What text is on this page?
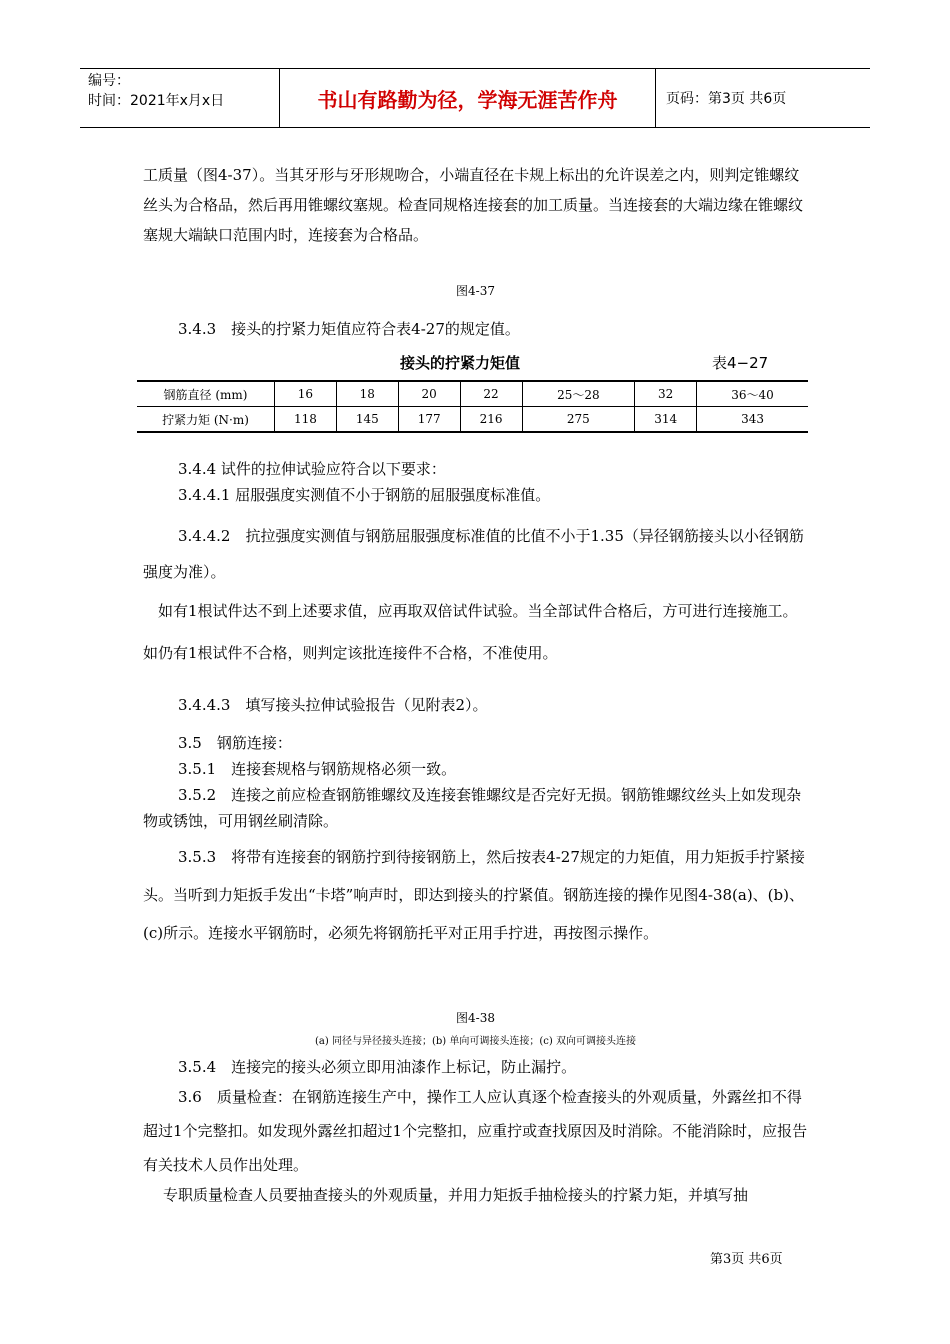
编号：
时间：2021年x月x日	书山有路勤为径，学海无涯苦作舟	页码：第3页 共6页

工质量（图4-37）。当其牙形与牙形规吻合，小端直径在卡规上标出的允许误差之内，则判定锥螺纹丝头为合格品，然后再用锥螺纹塞规。检查同规格连接套的加工质量。当连接套的大端边缘在锥螺纹塞规大端缺口范围内时，连接套为合格品。

图4-37

3.4.3　接头的拧紧力矩值应符合表4-27的规定值。

接头的拧紧力矩值	表4−27
钢筋直径 (mm)	16	18	20	22	25～28	32	36～40
拧紧力矩 (N·m)	118	145	177	216	275	314	343

3.4.4 试件的拉伸试验应符合以下要求：

3.4.4.1 屈服强度实测值不小于钢筋的屈服强度标准值。

3.4.4.2　抗拉强度实测值与钢筋屈服强度标准值的比值不小于1.35（异径钢筋接头以小径钢筋强度为准）。

如有1根试件达不到上述要求值，应再取双倍试件试验。当全部试件合格后，方可进行连接施工。如仍有1根试件不合格，则判定该批连接件不合格，不准使用。

3.4.4.3　填写接头拉伸试验报告（见附表2）。

3.5　钢筋连接：

3.5.1　连接套规格与钢筋规格必须一致。

3.5.2　连接之前应检查钢筋锥螺纹及连接套锥螺纹是否完好无损。钢筋锥螺纹丝头上如发现杂物或锈蚀，可用钢丝刷清除。

3.5.3　将带有连接套的钢筋拧到待接钢筋上，然后按表4-27规定的力矩值，用力矩扳手拧紧接头。当听到力矩扳手发出“卡塔”响声时，即达到接头的拧紧值。钢筋连接的操作见图4-38(a)、(b)、(c)所示。连接水平钢筋时，必须先将钢筋托平对正用手拧进，再按图示操作。

图4-38

(a) 同径与异径接头连接；(b) 单向可调接头连接；(c) 双向可调接头连接

3.5.4　连接完的接头必须立即用油漆作上标记，防止漏拧。

3.6　质量检查：在钢筋连接生产中，操作工人应认真逐个检查接头的外观质量，外露丝扣不得超过1个完整扣。如发现外露丝扣超过1个完整扣，应重拧或查找原因及时消除。不能消除时，应报告有关技术人员作出处理。

专职质量检查人员要抽查接头的外观质量，并用力矩扳手抽检接头的拧紧力矩，并填写抽

第3页 共6页
